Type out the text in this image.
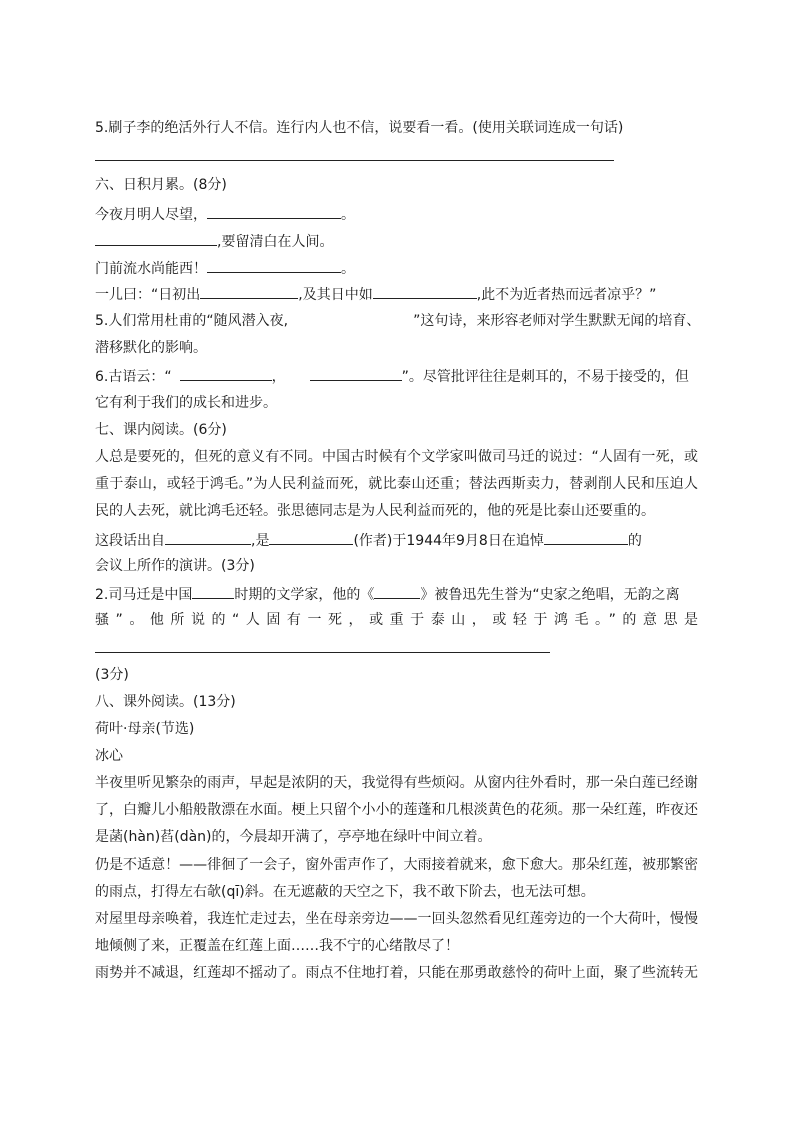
5.刷子李的绝活外行人不信。连行内人也不信，说要看一看。(使用关联词连成一句话)
六、日积月累。(8分)
今夜月明人尽望，	。
,要留清白在人间。
门前流水尚能西！	。
一儿曰：“日初出	,及其日中如	,此不为近者热而远者凉乎？”
5.人们常用杜甫的“随风潜入夜,	”这句诗，来形容老师对学生默默无闻的培育、
潜移默化的影响。
6.古语云：“	，	”。尽管批评往往是刺耳的，不易于接受的，但
它有利于我们的成长和进步。
七、课内阅读。(6分)
人总是要死的，但死的意义有不同。中国古时候有个文学家叫做司马迁的说过：“人固有一死，或
重于泰山，或轻于鸿毛。”为人民利益而死，就比泰山还重；替法西斯卖力，替剥削人民和压迫人
民的人去死，就比鸿毛还轻。张思德同志是为人民利益而死的，他的死是比泰山还要重的。
这段话出自	,是	(作者)于1944年9月8日在追悼	的
会议上所作的演讲。(3分)
2.司马迁是中国	时期的文学家，他的《	》被鲁迅先生誉为“史家之绝唱，无韵之离
骚”。他所说的“人固有一死，或重于泰山，或轻于鸿毛。”的意思是
(3分)
八、课外阅读。(13分)
荷叶·母亲(节选)
冰心
半夜里听见繁杂的雨声，早起是浓阴的天，我觉得有些烦闷。从窗内往外看时，那一朵白莲已经谢
了，白瓣儿小船般散漂在水面。梗上只留个小小的莲蓬和几根淡黄色的花须。那一朵红莲，昨夜还
是菡(hàn)萏(dàn)的，今晨却开满了，亭亭地在绿叶中间立着。
仍是不适意！——徘徊了一会子，窗外雷声作了，大雨接着就来，愈下愈大。那朵红莲，被那繁密
的雨点，打得左右欹(qī)斜。在无遮蔽的天空之下，我不敢下阶去，也无法可想。
对屋里母亲唤着，我连忙走过去，坐在母亲旁边——一回头忽然看见红莲旁边的一个大荷叶，慢慢
地倾侧了来，正覆盖在红莲上面……我不宁的心绪散尽了！
雨势并不减退，红莲却不摇动了。雨点不住地打着，只能在那勇敢慈怜的荷叶上面，聚了些流转无
